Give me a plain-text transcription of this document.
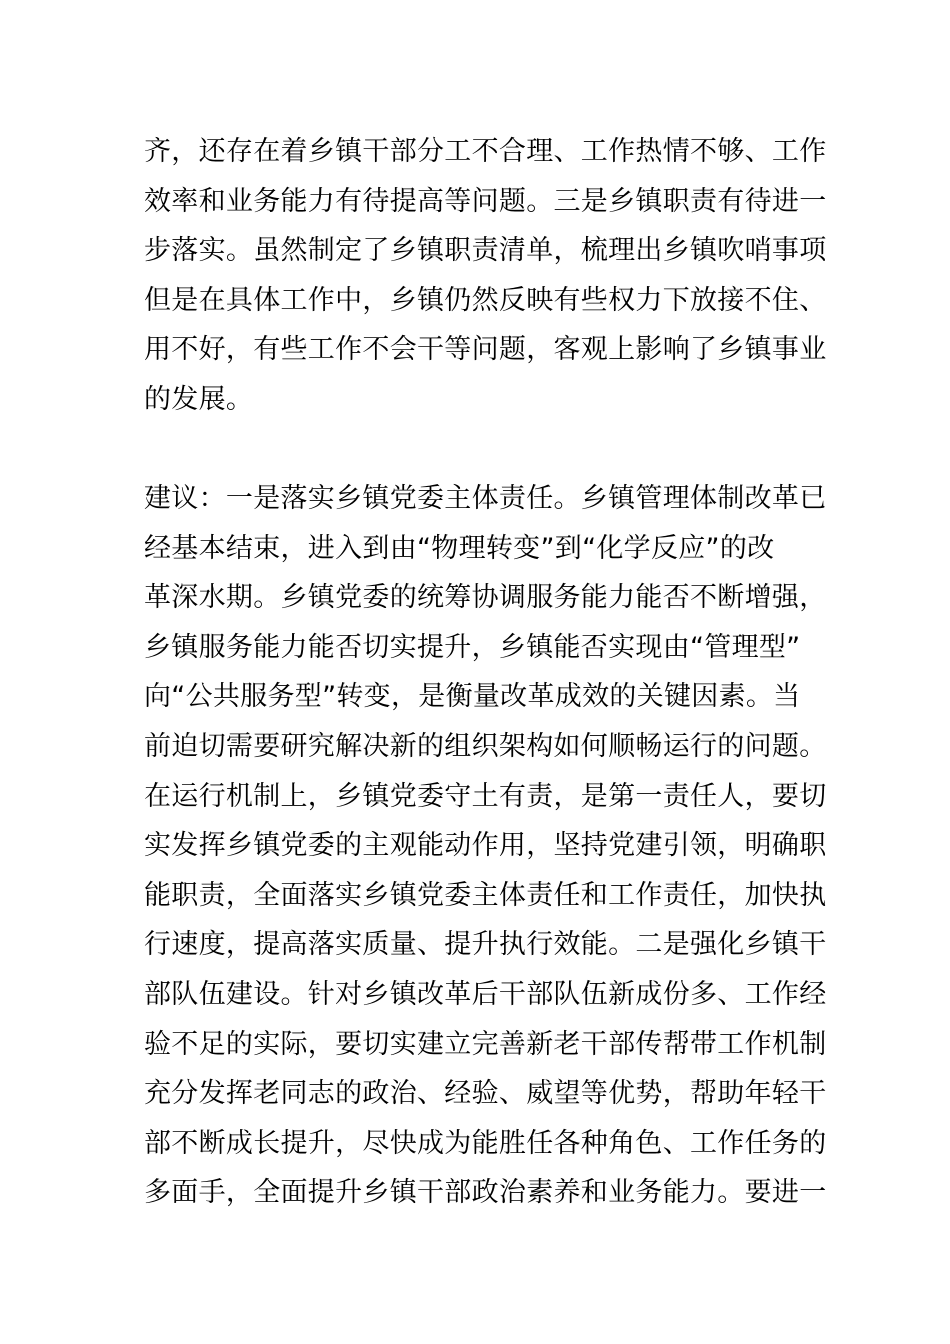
齐，还存在着乡镇干部分工不合理、工作热情不够、工作
效率和业务能力有待提高等问题。三是乡镇职责有待进一
步落实。虽然制定了乡镇职责清单，梳理出乡镇吹哨事项
但是在具体工作中，乡镇仍然反映有些权力下放接不住、
用不好，有些工作不会干等问题，客观上影响了乡镇事业
的发展。
建议：一是落实乡镇党委主体责任。乡镇管理体制改革已
经基本结束，进入到由“物理转变”到“化学反应”的改
革深水期。乡镇党委的统筹协调服务能力能否不断增强，
乡镇服务能力能否切实提升，乡镇能否实现由“管理型”
向“公共服务型”转变，是衡量改革成效的关键因素。当
前迫切需要研究解决新的组织架构如何顺畅运行的问题。
在运行机制上，乡镇党委守土有责，是第一责任人，要切
实发挥乡镇党委的主观能动作用，坚持党建引领，明确职
能职责，全面落实乡镇党委主体责任和工作责任，加快执
行速度，提高落实质量、提升执行效能。二是强化乡镇干
部队伍建设。针对乡镇改革后干部队伍新成份多、工作经
验不足的实际，要切实建立完善新老干部传帮带工作机制
充分发挥老同志的政治、经验、威望等优势，帮助年轻干
部不断成长提升，尽快成为能胜任各种角色、工作任务的
多面手，全面提升乡镇干部政治素养和业务能力。要进一
